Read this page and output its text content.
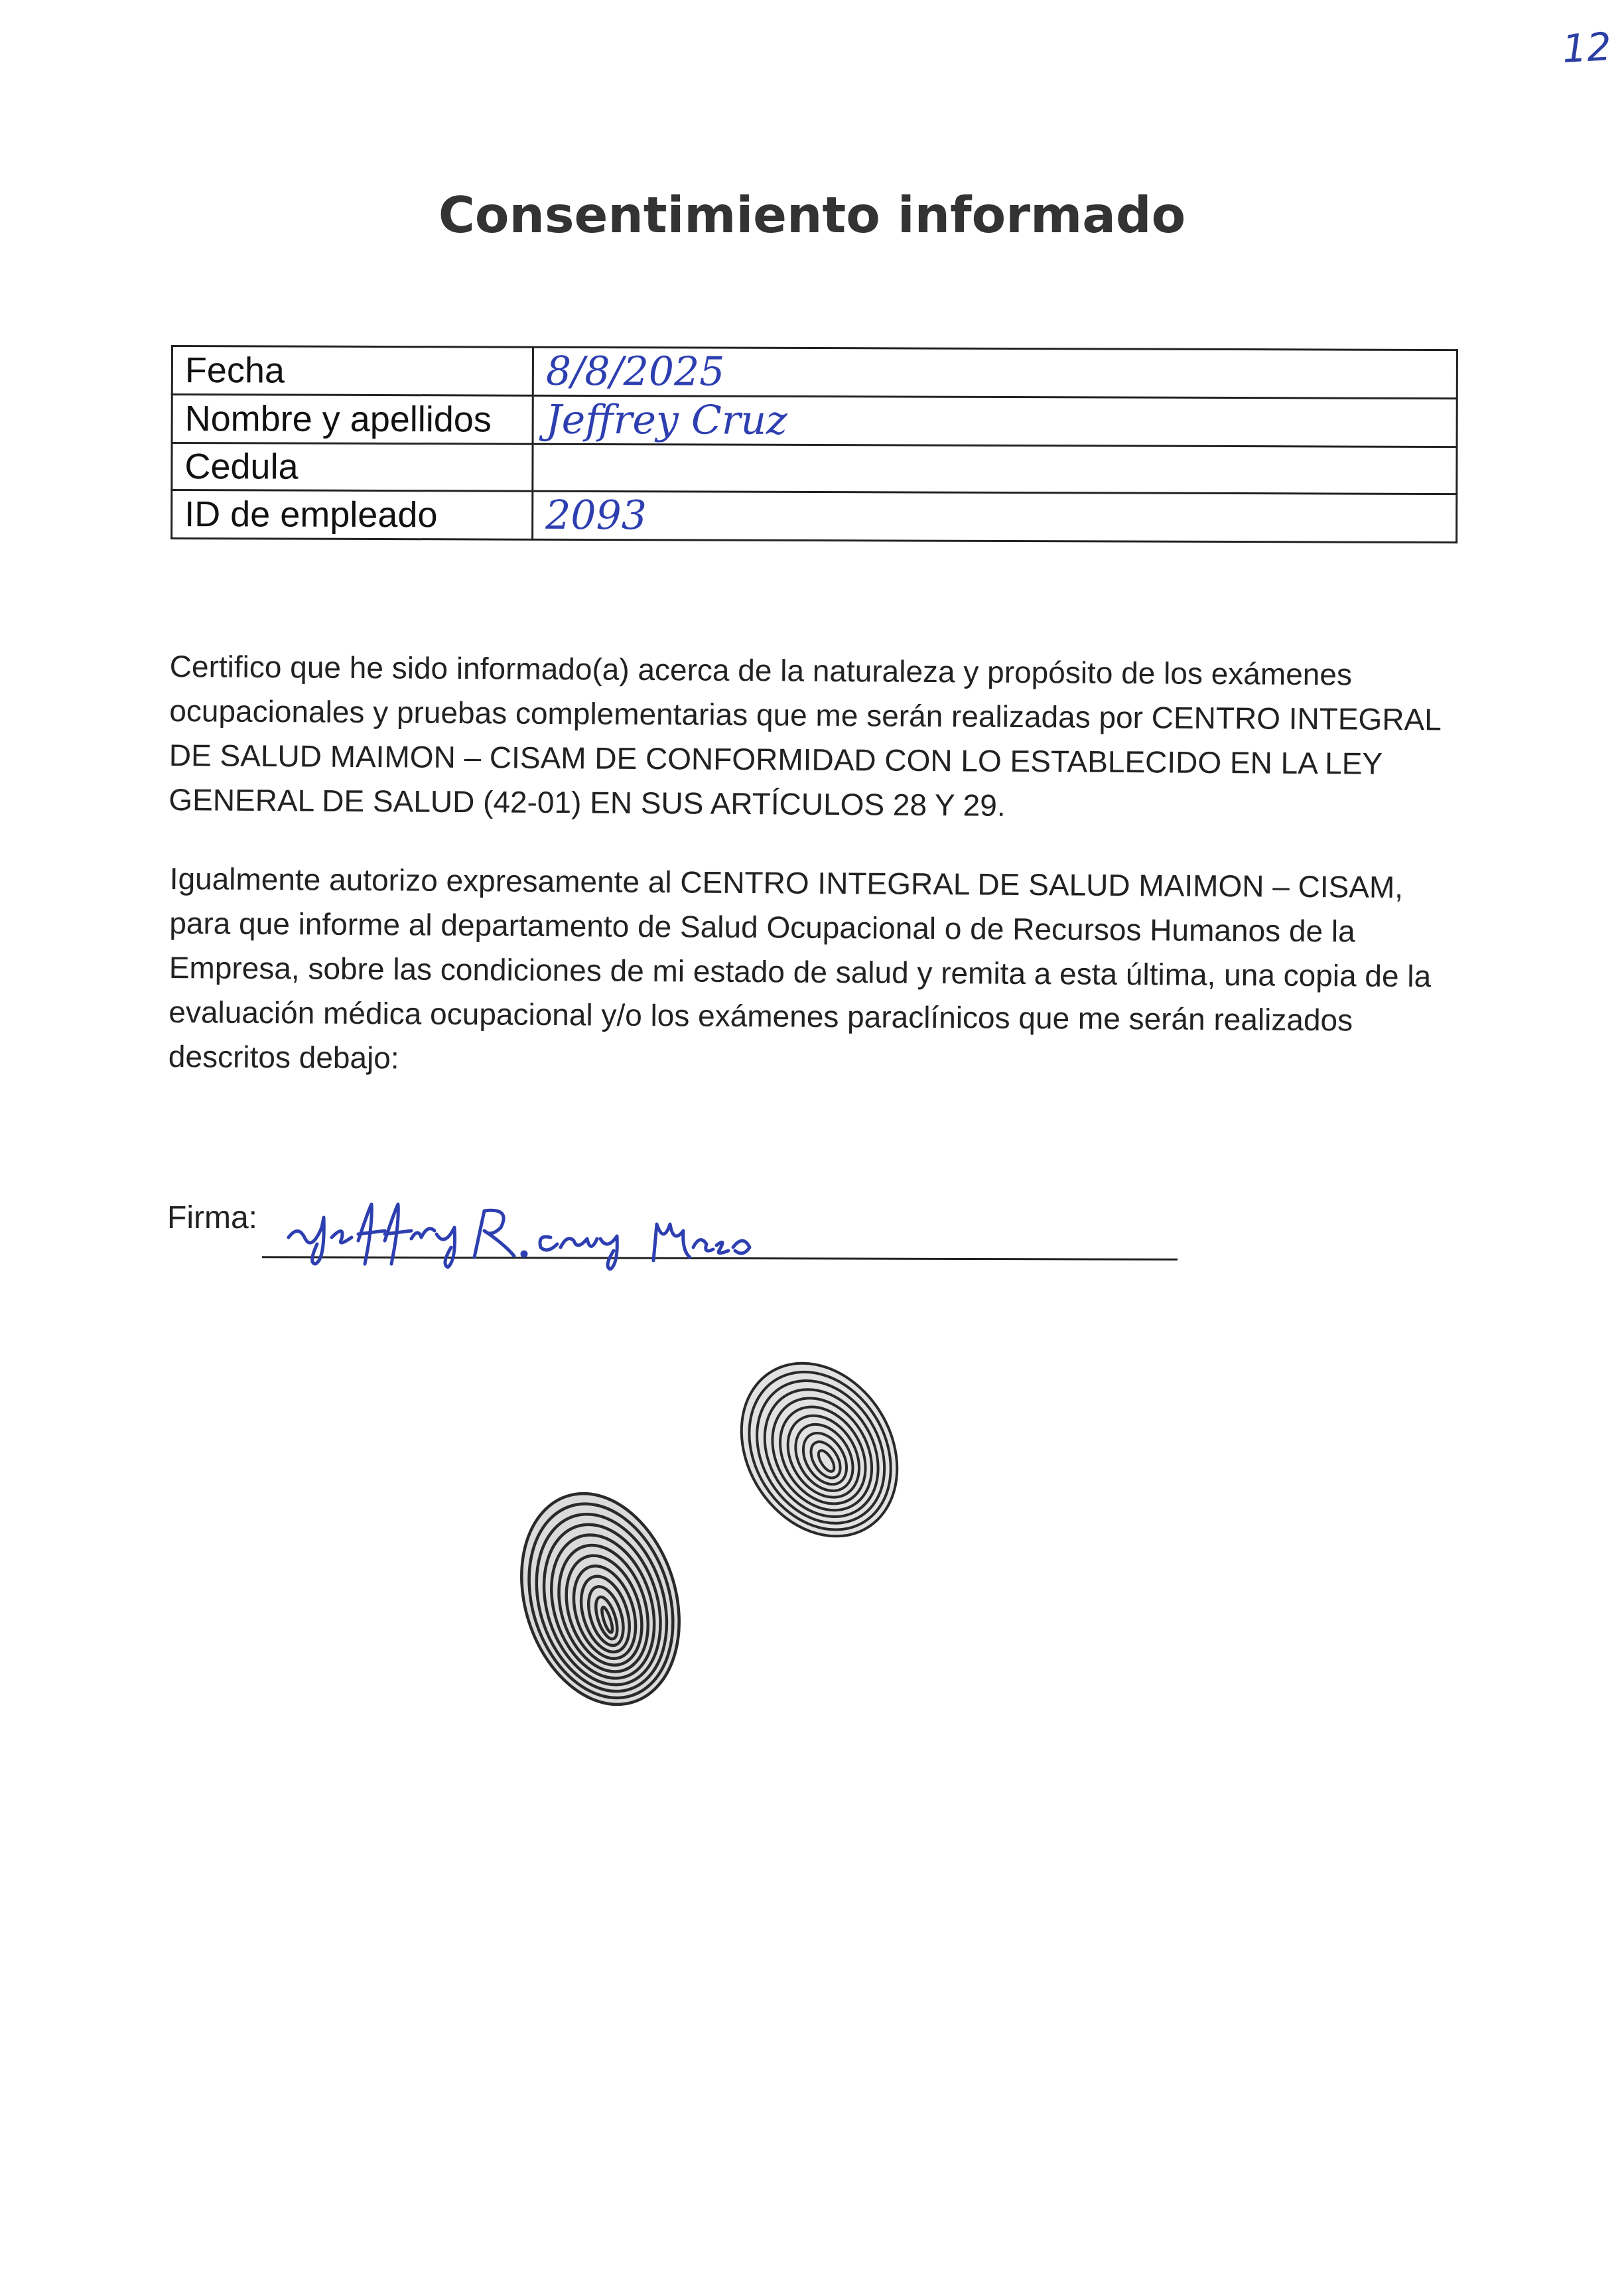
12
Consentimiento informado
Fecha	8/8/2025
Nombre y apellidos	Jeffrey Cruz
Cedula	
ID de empleado	2093

Certifico que he sido informado(a) acerca de la naturaleza y propósito de los exámenes ocupacionales y pruebas complementarias que me serán realizadas por CENTRO INTEGRAL DE SALUD MAIMON – CISAM DE CONFORMIDAD CON LO ESTABLECIDO EN LA LEY GENERAL DE SALUD (42-01) EN SUS ARTÍCULOS 28 Y 29.

Igualmente autorizo expresamente al CENTRO INTEGRAL DE SALUD MAIMON – CISAM, para que informe al departamento de Salud Ocupacional o de Recursos Humanos de la Empresa, sobre las condiciones de mi estado de salud y remita a esta última, una copia de la evaluación médica ocupacional y/o los exámenes paraclínicos que me serán realizados descritos debajo:

Firma:
